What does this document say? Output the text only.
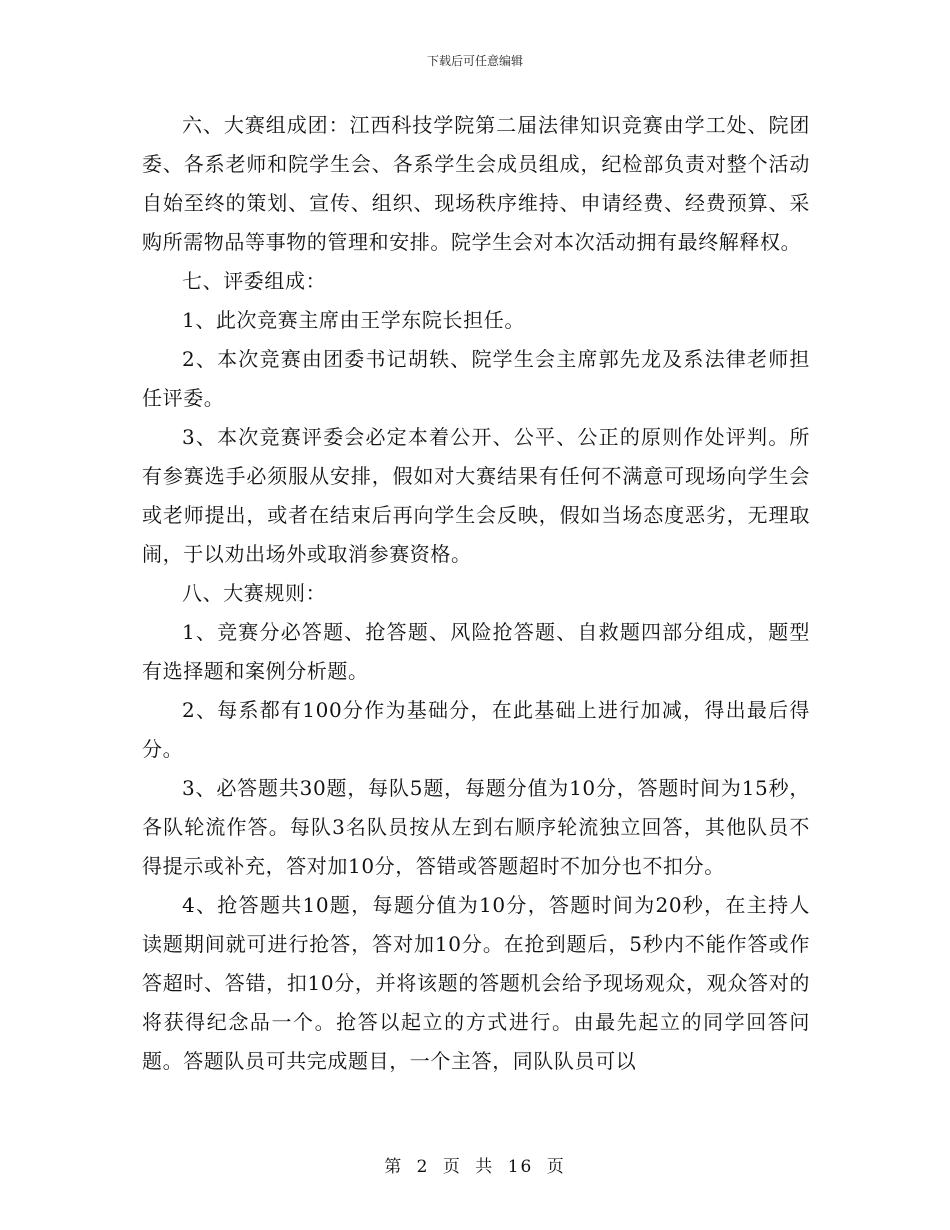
下载后可任意编辑

六、大赛组成团：江西科技学院第二届法律知识竞赛由学工处、院团委、各系老师和院学生会、各系学生会成员组成，纪检部负责对整个活动自始至终的策划、宣传、组织、现场秩序维持、申请经费、经费预算、采购所需物品等事物的管理和安排。院学生会对本次活动拥有最终解释权。

七、评委组成：

1、此次竞赛主席由王学东院长担任。

2、本次竞赛由团委书记胡轶、院学生会主席郭先龙及系法律老师担任评委。

3、本次竞赛评委会必定本着公开、公平、公正的原则作处评判。所有参赛选手必须服从安排，假如对大赛结果有任何不满意可现场向学生会或老师提出，或者在结束后再向学生会反映，假如当场态度恶劣，无理取闹，于以劝出场外或取消参赛资格。

八、大赛规则：

1、竞赛分必答题、抢答题、风险抢答题、自救题四部分组成，题型有选择题和案例分析题。

2、每系都有100分作为基础分，在此基础上进行加减，得出最后得分。

3、必答题共30题，每队5题，每题分值为10分，答题时间为15秒，各队轮流作答。每队3名队员按从左到右顺序轮流独立回答，其他队员不得提示或补充，答对加10分，答错或答题超时不加分也不扣分。

4、抢答题共10题，每题分值为10分，答题时间为20秒，在主持人读题期间就可进行抢答，答对加10分。在抢到题后，5秒内不能作答或作答超时、答错，扣10分，并将该题的答题机会给予现场观众，观众答对的将获得纪念品一个。抢答以起立的方式进行。由最先起立的同学回答问题。答题队员可共完成题目，一个主答，同队队员可以

第 2 页 共 16 页
